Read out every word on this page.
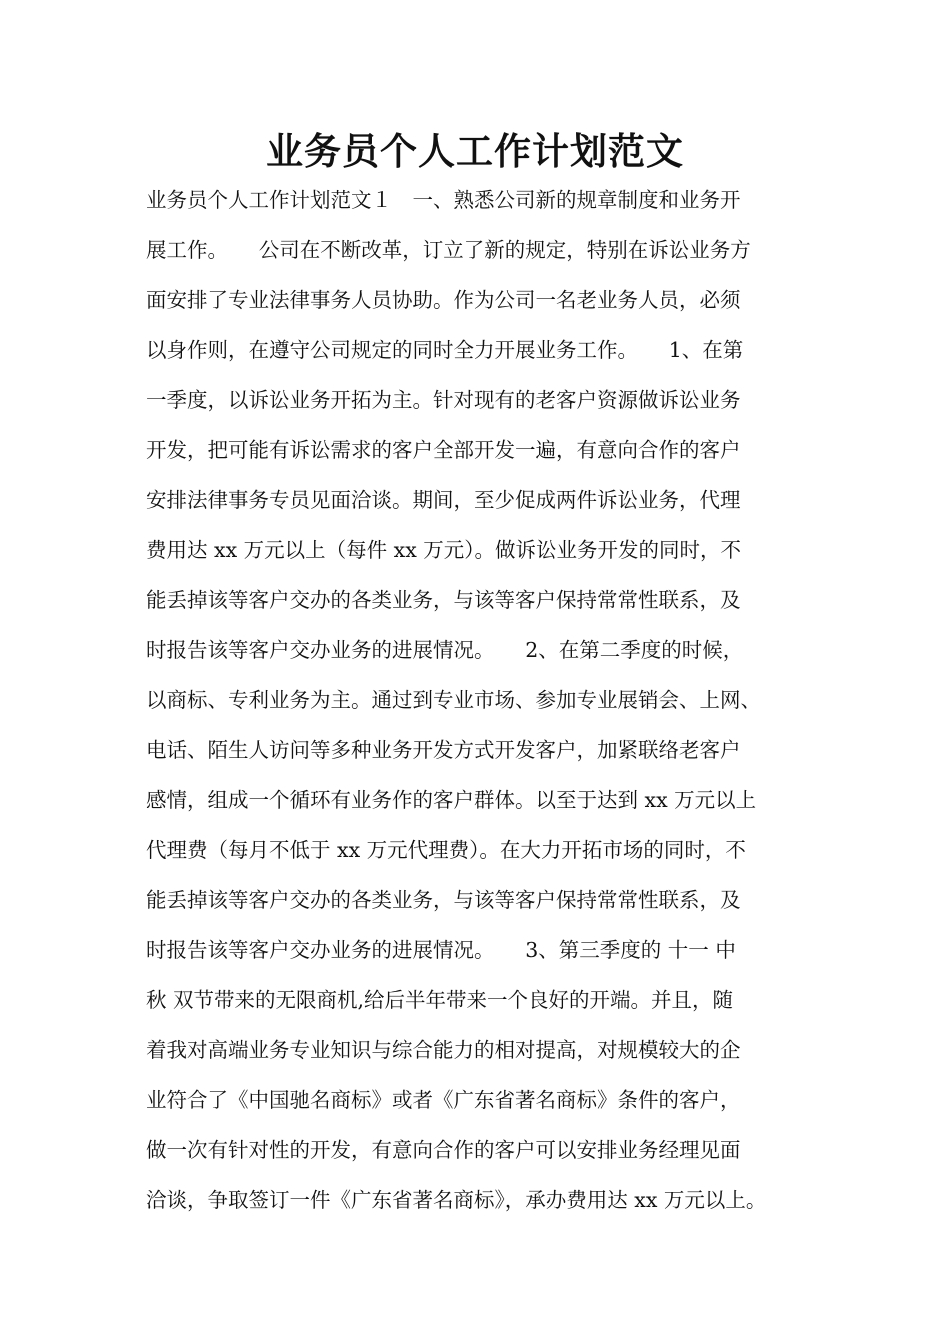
业务员个人工作计划范文

业务员个人工作计划范文１　一、熟悉公司新的规章制度和业务开

展工作。　　公司在不断改革，订立了新的规定，特别在诉讼业务方

面安排了专业法律事务人员协助。作为公司一名老业务人员，必须

以身作则，在遵守公司规定的同时全力开展业务工作。　　1、在第

一季度，以诉讼业务开拓为主。针对现有的老客户资源做诉讼业务

开发，把可能有诉讼需求的客户全部开发一遍，有意向合作的客户

安排法律事务专员见面洽谈。期间，至少促成两件诉讼业务，代理

费用达 xx 万元以上（每件 xx 万元）。做诉讼业务开发的同时，不

能丢掉该等客户交办的各类业务，与该等客户保持常常性联系，及

时报告该等客户交办业务的进展情况。　　2、在第二季度的时候，

以商标、专利业务为主。通过到专业市场、参加专业展销会、上网、

电话、陌生人访问等多种业务开发方式开发客户，加紧联络老客户

感情，组成一个循环有业务作的客户群体。以至于达到 xx 万元以上

代理费（每月不低于 xx 万元代理费）。在大力开拓市场的同时，不

能丢掉该等客户交办的各类业务，与该等客户保持常常性联系，及

时报告该等客户交办业务的进展情况。　　3、第三季度的 十一 中

秋 双节带来的无限商机,给后半年带来一个良好的开端。并且，随

着我对高端业务专业知识与综合能力的相对提高，对规模较大的企

业符合了《中国驰名商标》或者《广东省著名商标》条件的客户，

做一次有针对性的开发，有意向合作的客户可以安排业务经理见面

洽谈，争取签订一件《广东省著名商标》，承办费用达 xx 万元以上。
